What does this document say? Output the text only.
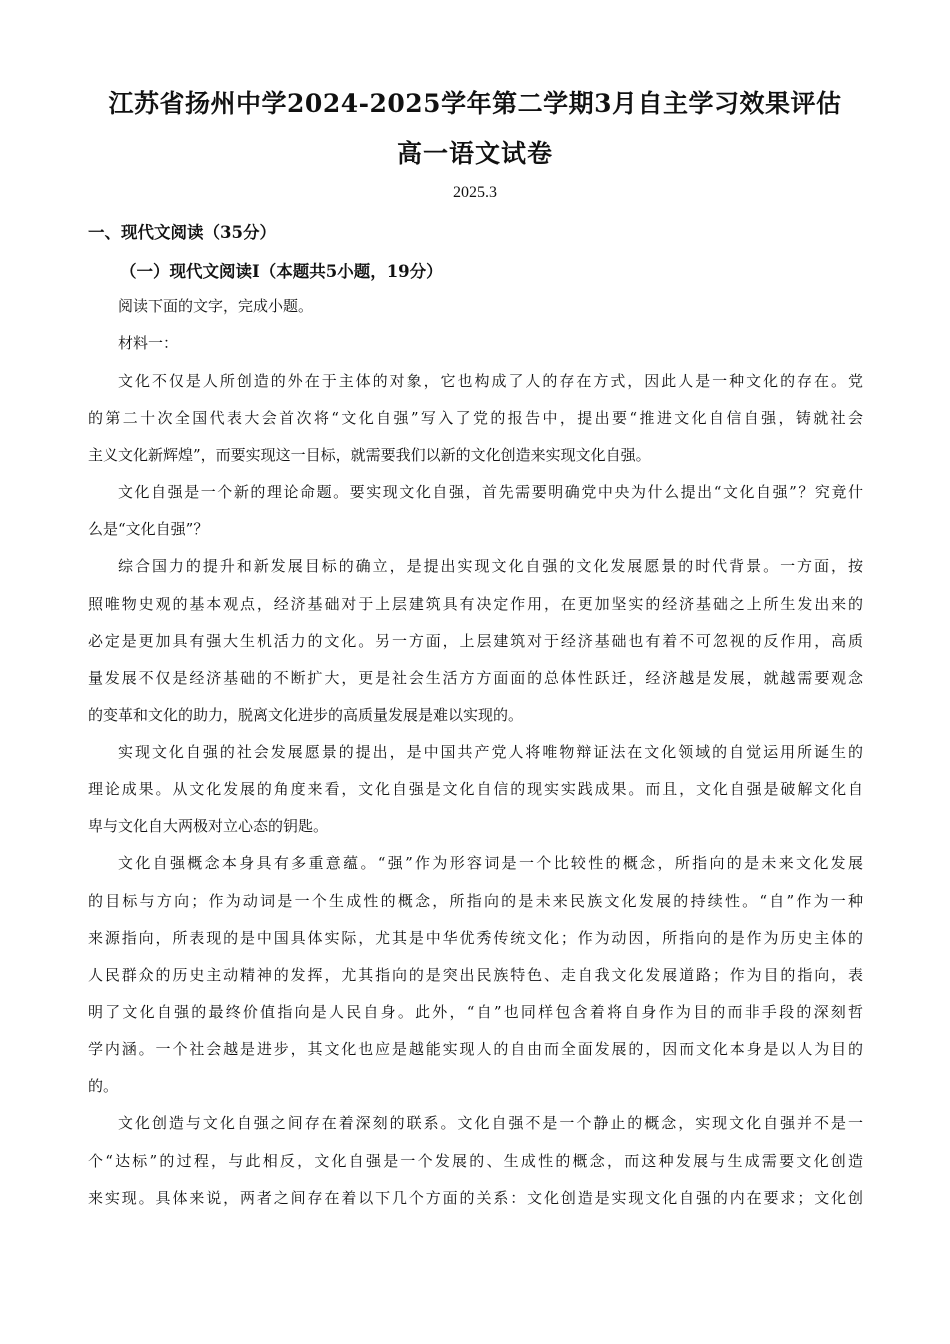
江苏省扬州中学2024-2025学年第二学期3月自主学习效果评估
高一语文试卷
2025.3
一、现代文阅读（35分）
（一）现代文阅读Ⅰ（本题共5小题，19分）
阅读下面的文字，完成小题。
材料一：
文化不仅是人所创造的外在于主体的对象，它也构成了人的存在方式，因此人是一种文化的存在。党
的第二十次全国代表大会首次将“文化自强”写入了党的报告中，提出要“推进文化自信自强，铸就社会
主义文化新辉煌”，而要实现这一目标，就需要我们以新的文化创造来实现文化自强。
文化自强是一个新的理论命题。要实现文化自强，首先需要明确党中央为什么提出“文化自强”？究竟什
么是“文化自强”？
综合国力的提升和新发展目标的确立，是提出实现文化自强的文化发展愿景的时代背景。一方面，按
照唯物史观的基本观点，经济基础对于上层建筑具有决定作用，在更加坚实的经济基础之上所生发出来的
必定是更加具有强大生机活力的文化。另一方面，上层建筑对于经济基础也有着不可忽视的反作用，高质
量发展不仅是经济基础的不断扩大，更是社会生活方方面面的总体性跃迁，经济越是发展，就越需要观念
的变革和文化的助力，脱离文化进步的高质量发展是难以实现的。
实现文化自强的社会发展愿景的提出，是中国共产党人将唯物辩证法在文化领域的自觉运用所诞生的
理论成果。从文化发展的角度来看，文化自强是文化自信的现实实践成果。而且，文化自强是破解文化自
卑与文化自大两极对立心态的钥匙。
文化自强概念本身具有多重意蕴。“强”作为形容词是一个比较性的概念，所指向的是未来文化发展
的目标与方向；作为动词是一个生成性的概念，所指向的是未来民族文化发展的持续性。“自”作为一种
来源指向，所表现的是中国具体实际，尤其是中华优秀传统文化；作为动因，所指向的是作为历史主体的
人民群众的历史主动精神的发挥，尤其指向的是突出民族特色、走自我文化发展道路；作为目的指向，表
明了文化自强的最终价值指向是人民自身。此外，“自”也同样包含着将自身作为目的而非手段的深刻哲
学内涵。一个社会越是进步，其文化也应是越能实现人的自由而全面发展的，因而文化本身是以人为目的
的。
文化创造与文化自强之间存在着深刻的联系。文化自强不是一个静止的概念，实现文化自强并不是一
个“达标”的过程，与此相反，文化自强是一个发展的、生成性的概念，而这种发展与生成需要文化创造
来实现。具体来说，两者之间存在着以下几个方面的关系：文化创造是实现文化自强的内在要求；文化创
